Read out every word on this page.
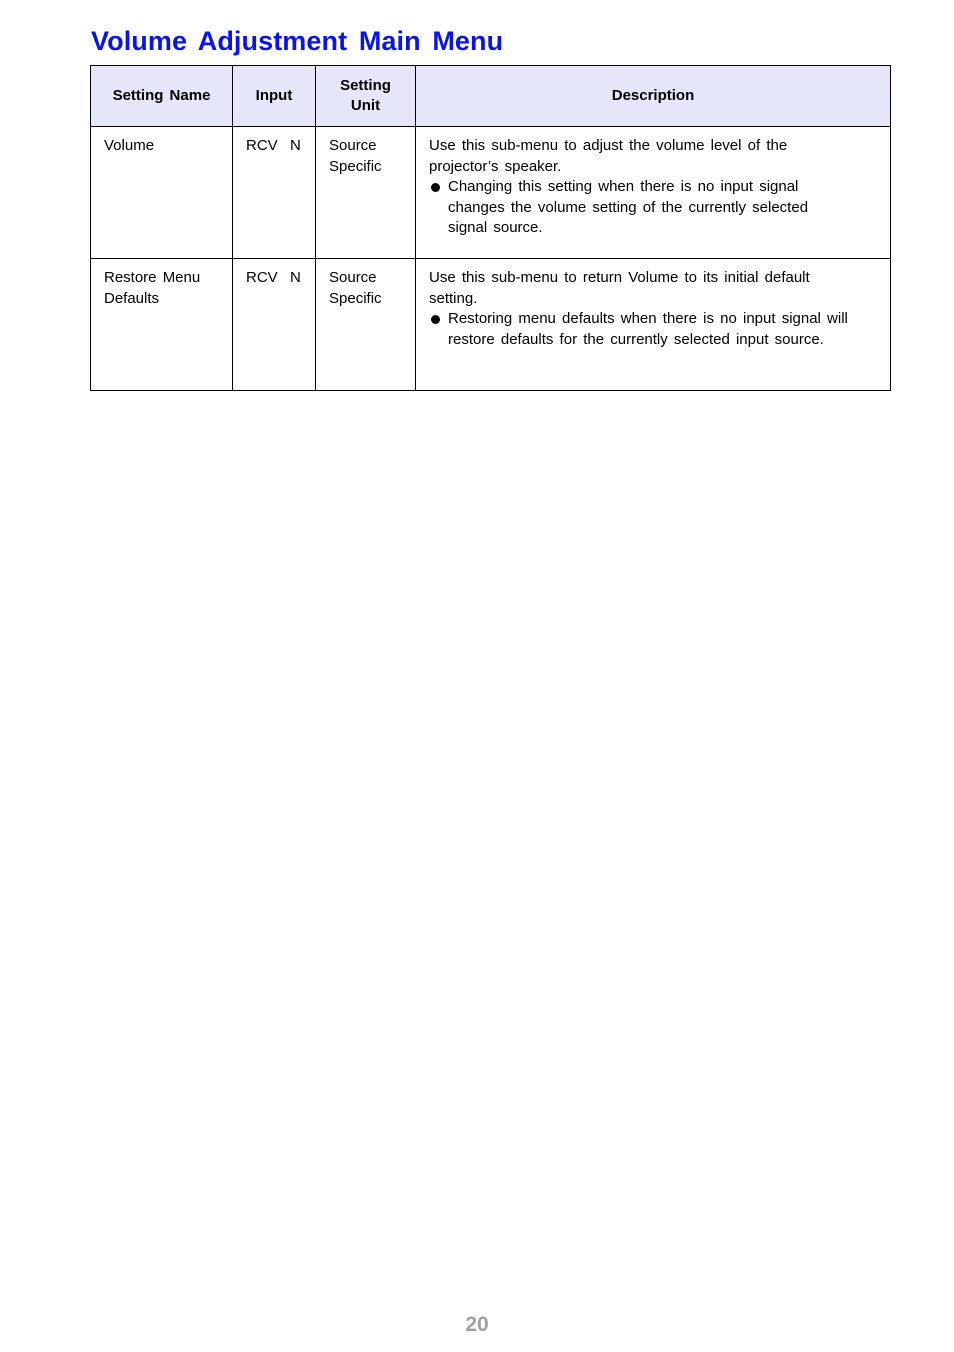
Volume Adjustment Main Menu
Setting Name	Input	Setting Unit	Description
Volume	RCV  N	Source Specific	Use this sub-menu to adjust the volume level of the projector’s speaker.
Changing this setting when there is no input signal changes the volume setting of the currently selected signal source.

Restore Menu Defaults	RCV  N	Source Specific	Use this sub-menu to return Volume to its initial default setting.
Restoring menu defaults when there is no input signal will restore defaults for the currently selected input source.
20
